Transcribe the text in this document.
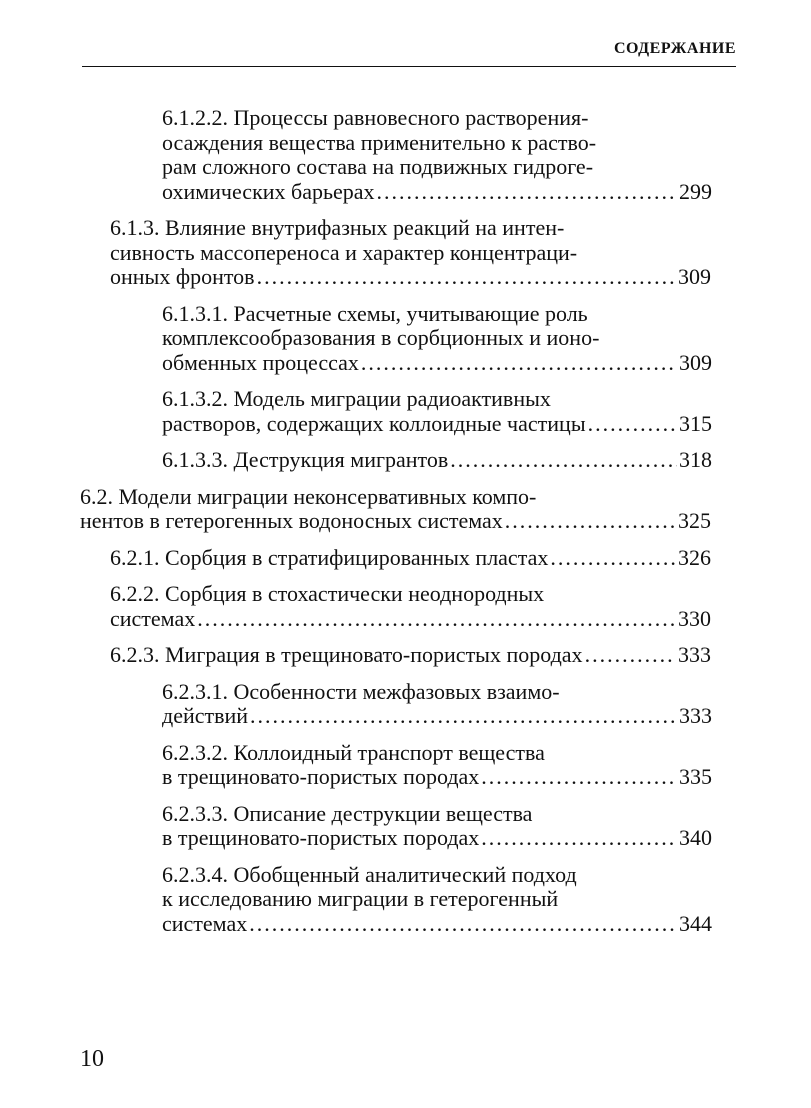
СОДЕРЖАНИЕ
6.1.2.2. Процессы равновесного растворения-
осаждения вещества применительно к раство-
рам сложного состава на подвижных гидроге-
охимических барьерах .....	299
6.1.3. Влияние внутрифазных реакций на интен-
сивность массопереноса и характер концентраци-
онных фронтов .....	309
6.1.3.1. Расчетные схемы, учитывающие роль
комплексообразования в сорбционных и ионо-
обменных процессах .....	309
6.1.3.2. Модель миграции радиоактивных
растворов, содержащих коллоидные частицы .....	315
6.1.3.3. Деструкция мигрантов .....	318
6.2. Модели миграции неконсервативных компо-
нентов в гетерогенных водоносных системах .....	325
6.2.1. Сорбция в стратифицированных пластах .....	326
6.2.2. Сорбция в стохастически неоднородных
системах .....	330
6.2.3. Миграция в трещиновато-пористых породах .....	333
6.2.3.1. Особенности межфазовых взаимо-
действий .....	333
6.2.3.2. Коллоидный транспорт вещества
в трещиновато-пористых породах .....	335
6.2.3.3. Описание деструкции вещества
в трещиновато-пористых породах .....	340
6.2.3.4. Обобщенный аналитический подход
к исследованию миграции в гетерогенный
системах .....	344
10
